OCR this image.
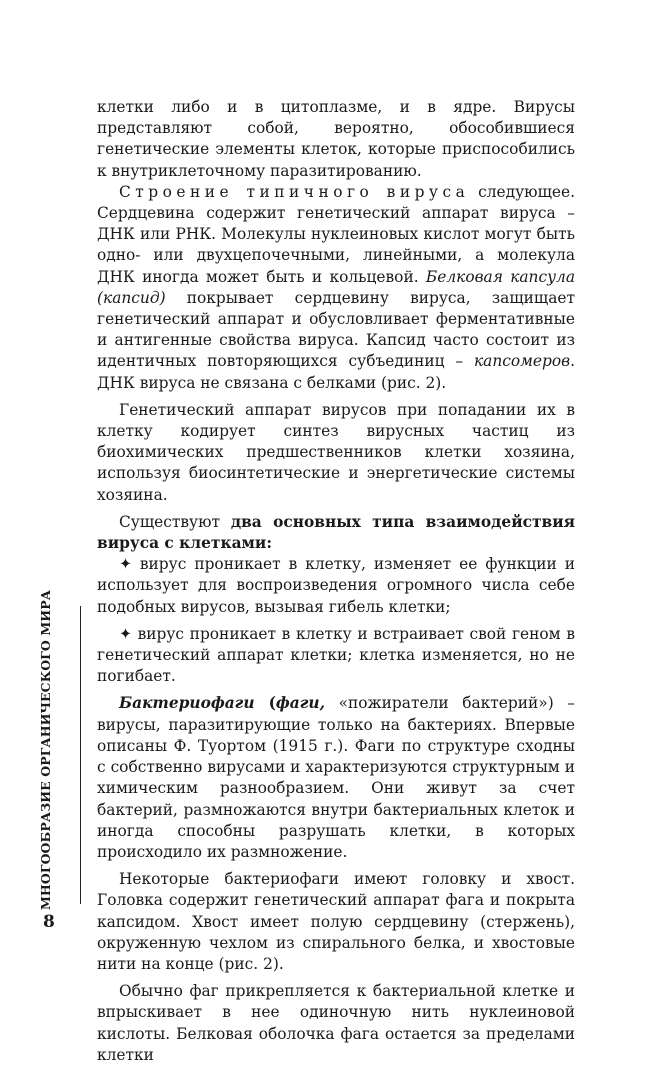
клетки либо и в цитоплазме, и в ядре. Вирусы представляют собой, вероятно, обособившиеся генетические элементы клеток, которые приспособились к внутриклеточному паразитированию.

Строение типичного вируса следующее. Сердцевина содержит генетический аппарат вируса – ДНК или РНК. Молекулы нуклеиновых кислот могут быть одно- или двухцепочечными, линейными, а молекула ДНК иногда может быть и кольцевой. Белковая капсула (капсид) покрывает сердцевину вируса, защищает генетический аппарат и обусловливает ферментативные и антигенные свойства вируса. Капсид часто состоит из идентичных повторяющихся субъединиц – капсомеров. ДНК вируса не связана с белками (рис. 2).

Генетический аппарат вирусов при попадании их в клетку кодирует синтез вирусных частиц из биохимических предшественников клетки хозяина, используя биосинтетические и энергетические системы хозяина.

Существуют два основных типа взаимодействия вируса с клетками:

✦ вирус проникает в клетку, изменяет ее функции и использует для воспроизведения огромного числа себе подобных вирусов, вызывая гибель клетки;

✦ вирус проникает в клетку и встраивает свой геном в генетический аппарат клетки; клетка изменяется, но не погибает.

Бактериофаги (фаги, «пожиратели бактерий») – вирусы, паразитирующие только на бактериях. Впервые описаны Ф. Туортом (1915 г.). Фаги по структуре сходны с собственно вирусами и характеризуются структурным и химическим разнообразием. Они живут за счет бактерий, размножаются внутри бактериальных клеток и иногда способны разрушать клетки, в которых происходило их размножение.

Некоторые бактериофаги имеют головку и хвост. Головка содержит генетический аппарат фага и покрыта капсидом. Хвост имеет полую сердцевину (стержень), окруженную чехлом из спирального белка, и хвостовые нити на конце (рис. 2).

Обычно фаг прикрепляется к бактериальной клетке и впрыскивает в нее одиночную нить нуклеиновой кислоты. Белковая оболочка фага остается за пределами клетки

МНОГООБРАЗИЕ ОРГАНИЧЕСКОГО МИРА
8
